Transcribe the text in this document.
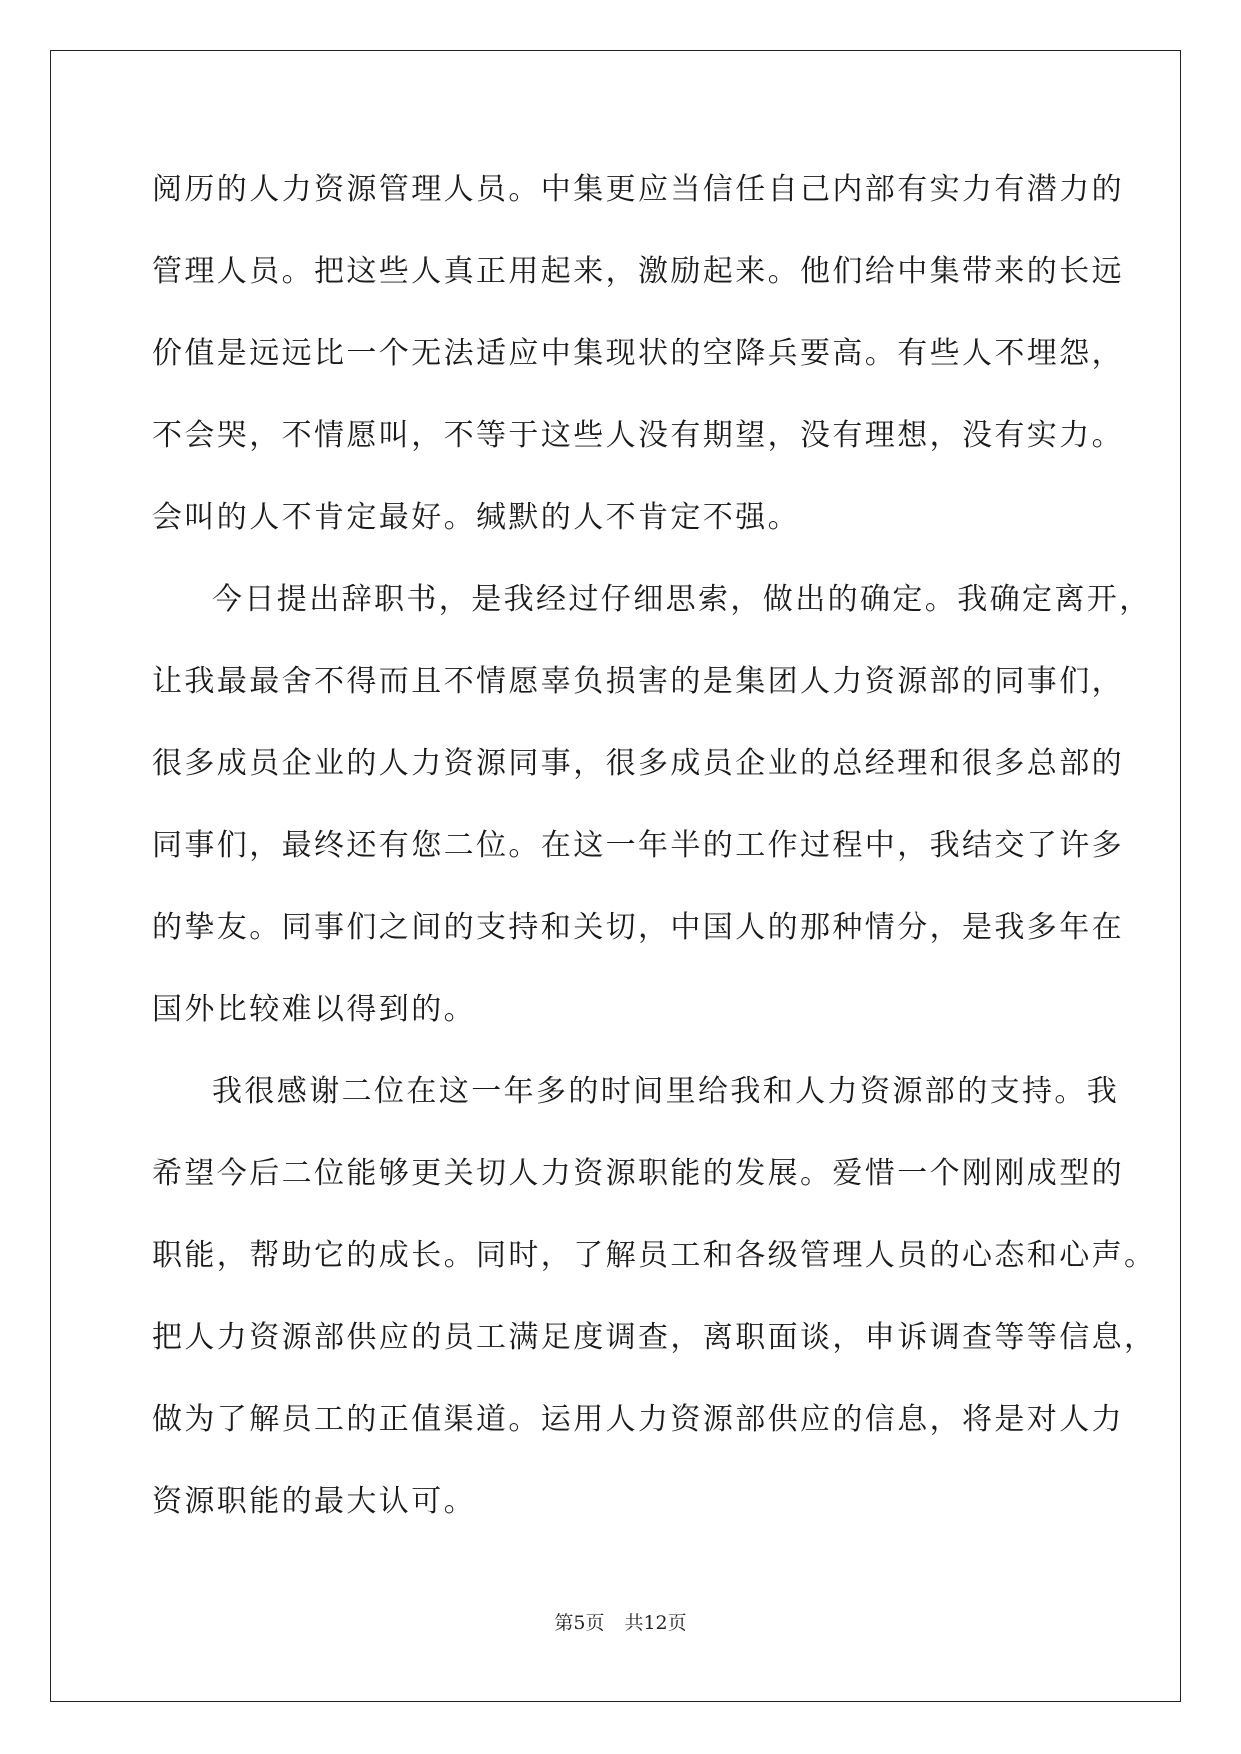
阅历的人力资源管理人员。中集更应当信任自己内部有实力有潜力的
管理人员。把这些人真正用起来，激励起来。他们给中集带来的长远
价值是远远比一个无法适应中集现状的空降兵要高。有些人不埋怨，
不会哭，不情愿叫，不等于这些人没有期望，没有理想，没有实力。
会叫的人不肯定最好。缄默的人不肯定不强。
今日提出辞职书，是我经过仔细思索，做出的确定。我确定离开，
让我最最舍不得而且不情愿辜负损害的是集团人力资源部的同事们，
很多成员企业的人力资源同事，很多成员企业的总经理和很多总部的
同事们，最终还有您二位。在这一年半的工作过程中，我结交了许多
的挚友。同事们之间的支持和关切，中国人的那种情分，是我多年在
国外比较难以得到的。
我很感谢二位在这一年多的时间里给我和人力资源部的支持。我
希望今后二位能够更关切人力资源职能的发展。爱惜一个刚刚成型的
职能，帮助它的成长。同时，了解员工和各级管理人员的心态和心声。
把人力资源部供应的员工满足度调查，离职面谈，申诉调查等等信息，
做为了解员工的正值渠道。运用人力资源部供应的信息，将是对人力
资源职能的最大认可。
第5页 共12页
